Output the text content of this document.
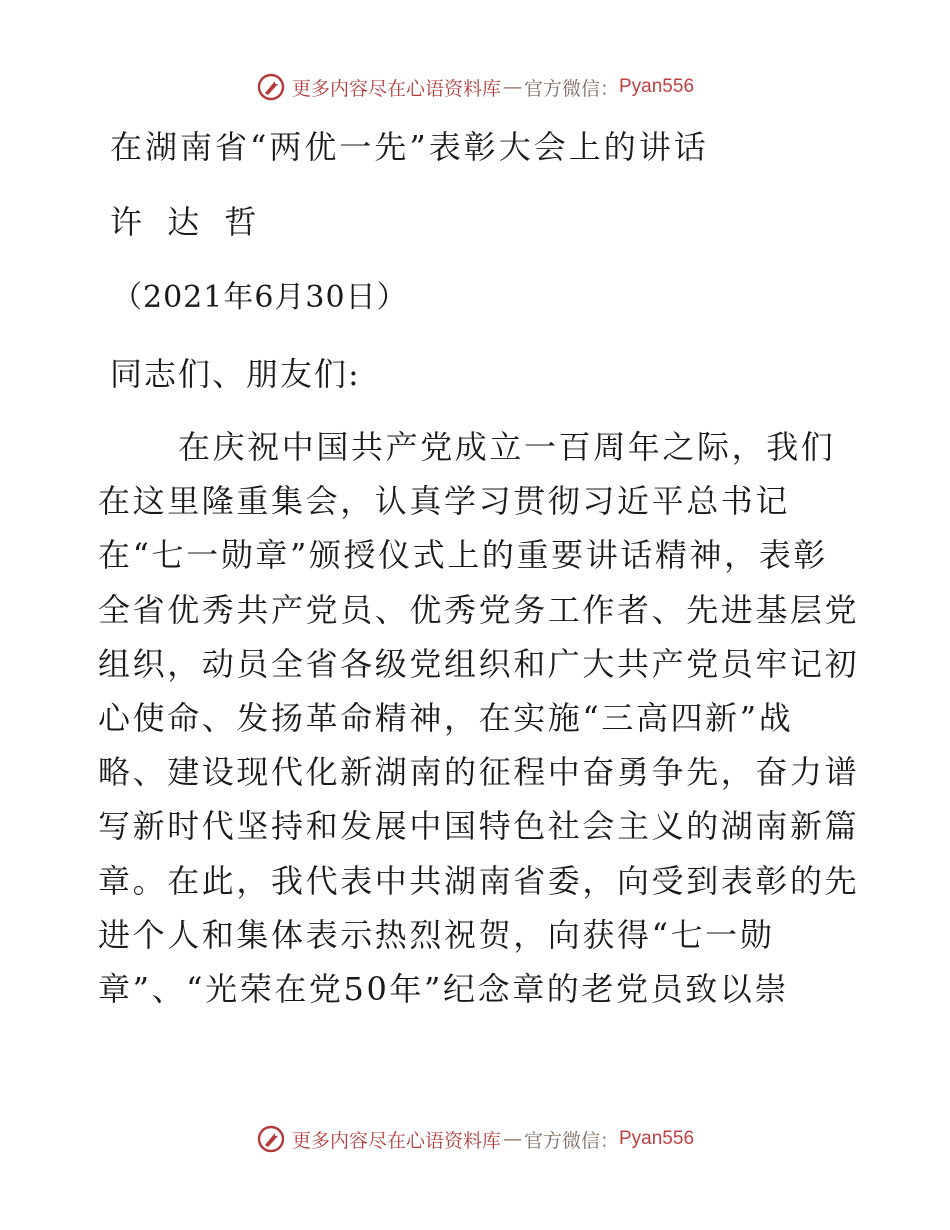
更多内容尽在心语资料库 — 官方微信： Pyan556
在湖南省“两优一先”表彰大会上的讲话
许 达 哲
（2021年6月30日）
同志们、朋友们:
在庆祝中国共产党成立一百周年之际，我们
在这里隆重集会，认真学习贯彻习近平总书记
在“七一勋章”颁授仪式上的重要讲话精神，表彰
全省优秀共产党员、优秀党务工作者、先进基层党
组织，动员全省各级党组织和广大共产党员牢记初
心使命、发扬革命精神，在实施“三高四新”战
略、建设现代化新湖南的征程中奋勇争先，奋力谱
写新时代坚持和发展中国特色社会主义的湖南新篇
章。在此，我代表中共湖南省委，向受到表彰的先
进个人和集体表示热烈祝贺，向获得“七一勋
章”、“光荣在党50年”纪念章的老党员致以崇
更多内容尽在心语资料库 — 官方微信： Pyan556
